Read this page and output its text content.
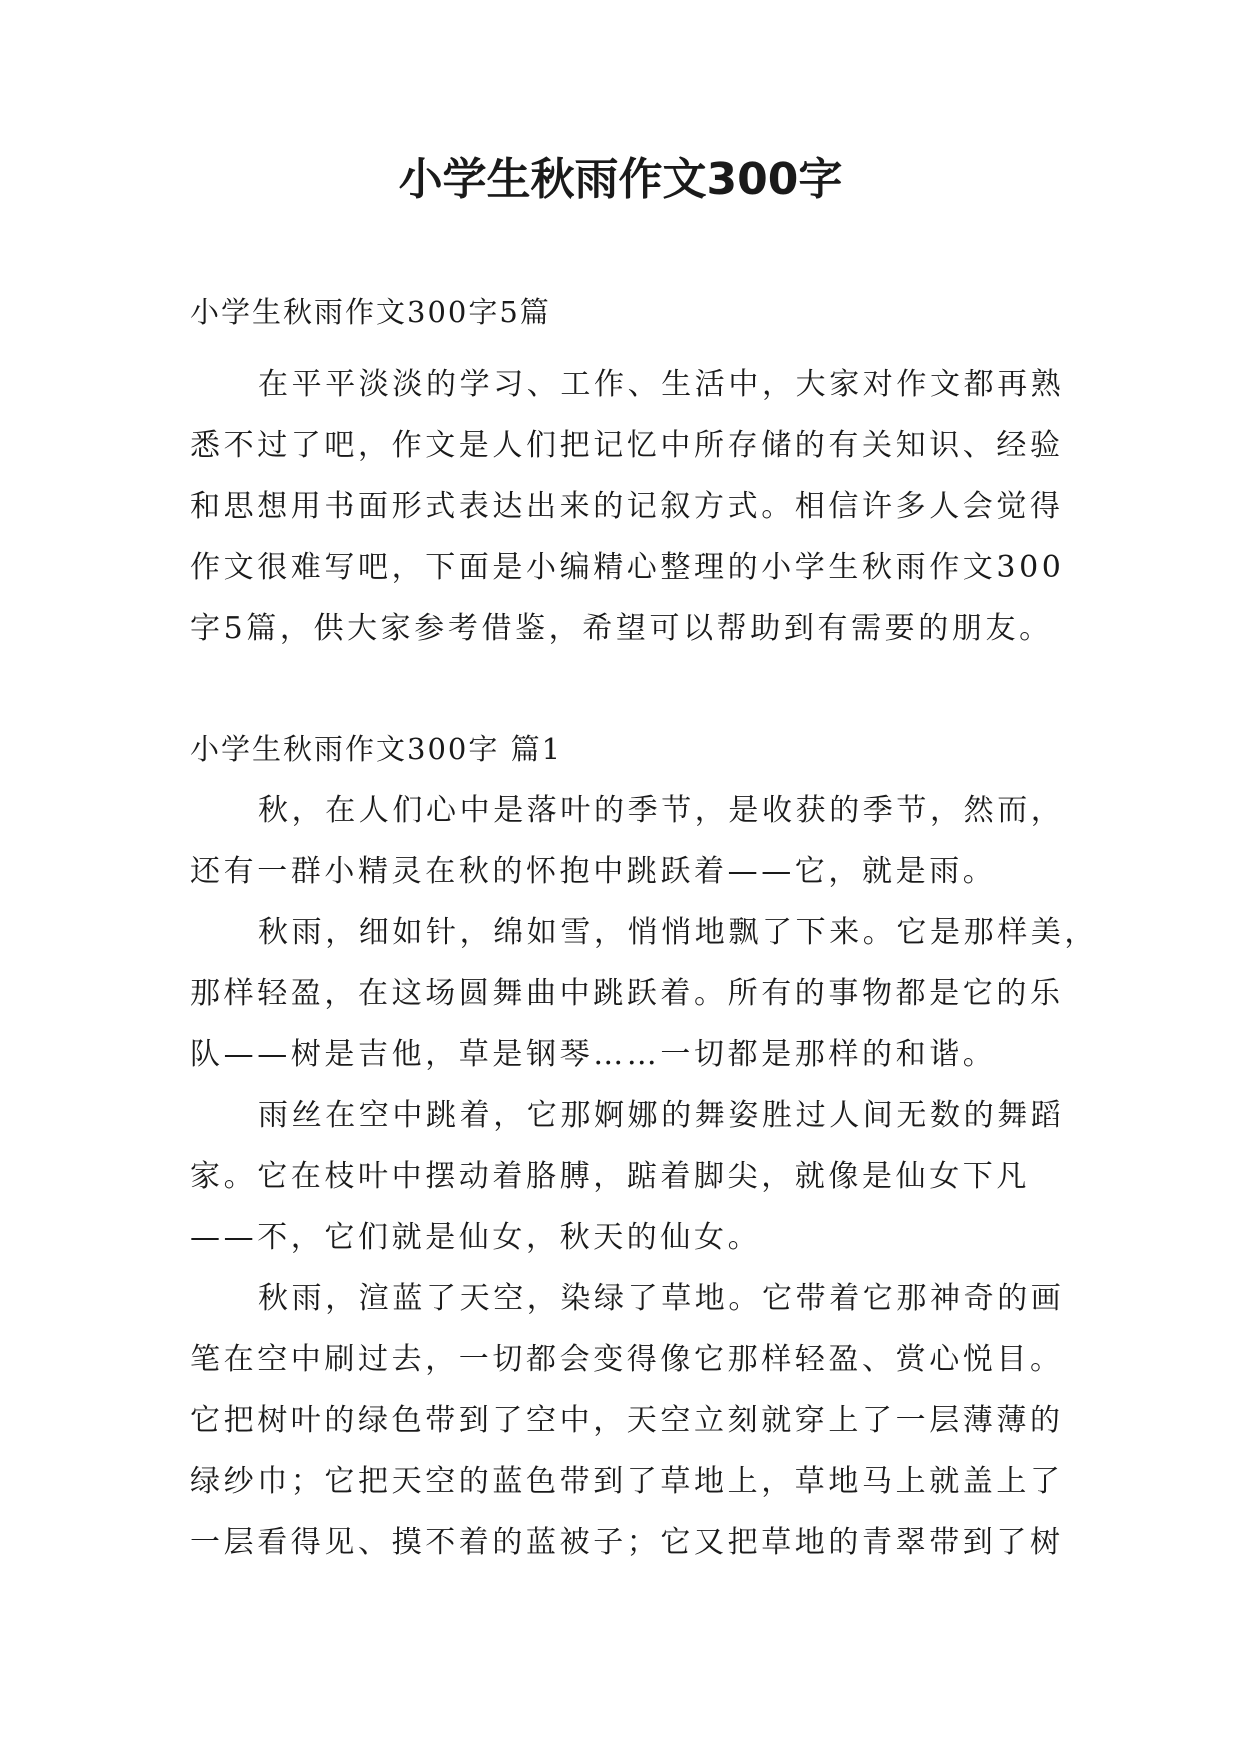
小学生秋雨作文300字
小学生秋雨作文300字5篇
在平平淡淡的学习、工作、生活中，大家对作文都再熟
悉不过了吧，作文是人们把记忆中所存储的有关知识、经验
和思想用书面形式表达出来的记叙方式。相信许多人会觉得
作文很难写吧，下面是小编精心整理的小学生秋雨作文300
字5篇，供大家参考借鉴，希望可以帮助到有需要的朋友。
小学生秋雨作文300字 篇1
秋，在人们心中是落叶的季节，是收获的季节，然而，
还有一群小精灵在秋的怀抱中跳跃着——它，就是雨。
秋雨，细如针，绵如雪，悄悄地飘了下来。它是那样美，
那样轻盈，在这场圆舞曲中跳跃着。所有的事物都是它的乐
队——树是吉他，草是钢琴……一切都是那样的和谐。
雨丝在空中跳着，它那婀娜的舞姿胜过人间无数的舞蹈
家。它在枝叶中摆动着胳膊，踮着脚尖，就像是仙女下凡
——不，它们就是仙女，秋天的仙女。
秋雨，渲蓝了天空，染绿了草地。它带着它那神奇的画
笔在空中刷过去，一切都会变得像它那样轻盈、赏心悦目。
它把树叶的绿色带到了空中，天空立刻就穿上了一层薄薄的
绿纱巾；它把天空的蓝色带到了草地上，草地马上就盖上了
一层看得见、摸不着的蓝被子；它又把草地的青翠带到了树
